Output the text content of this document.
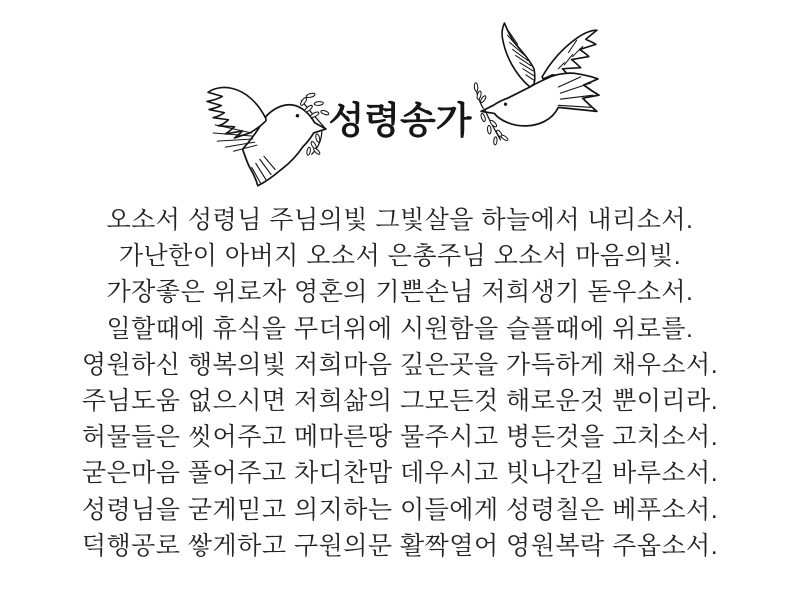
성령송가
오소서 성령님 주님의빛 그빛살을 하늘에서 내리소서.
가난한이 아버지 오소서 은총주님 오소서 마음의빛.
가장좋은 위로자 영혼의 기쁜손님 저희생기 돋우소서.
일할때에 휴식을 무더위에 시원함을 슬플때에 위로를.
영원하신 행복의빛 저희마음 깊은곳을 가득하게 채우소서.
주님도움 없으시면 저희삶의 그모든것 해로운것 뿐이리라.
허물들은 씻어주고 메마른땅 물주시고 병든것을 고치소서.
굳은마음 풀어주고 차디찬맘 데우시고 빗나간길 바루소서.
성령님을 굳게믿고 의지하는 이들에게 성령칠은 베푸소서.
덕행공로 쌓게하고 구원의문 활짝열어 영원복락 주옵소서.
